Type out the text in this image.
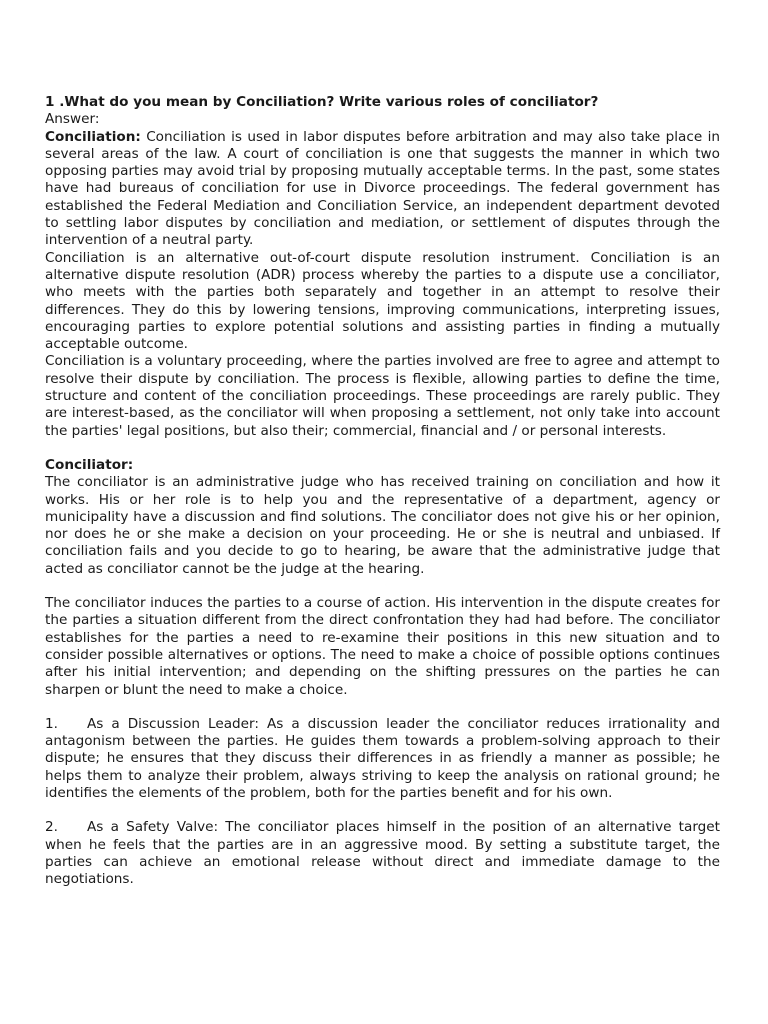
1 .What do you mean by Conciliation? Write various roles of conciliator?

Answer:

Conciliation: Conciliation is used in labor disputes before arbitration and may also take place in several areas of the law. A court of conciliation is one that suggests the manner in which two opposing parties may avoid trial by proposing mutually acceptable terms. In the past, some states have had bureaus of conciliation for use in Divorce proceedings. The federal government has established the Federal Mediation and Conciliation Service, an independent department devoted to settling labor disputes by conciliation and mediation, or settlement of disputes through the intervention of a neutral party.

Conciliation is an alternative out-of-court dispute resolution instrument. Conciliation is an alternative dispute resolution (ADR) process whereby the parties to a dispute use a conciliator, who meets with the parties both separately and together in an attempt to resolve their differences. They do this by lowering tensions, improving communications, interpreting issues, encouraging parties to explore potential solutions and assisting parties in finding a mutually acceptable outcome.

Conciliation is a voluntary proceeding, where the parties involved are free to agree and attempt to resolve their dispute by conciliation. The process is flexible, allowing parties to define the time, structure and content of the conciliation proceedings. These proceedings are rarely public. They are interest-based, as the conciliator will when proposing a settlement, not only take into account the parties' legal positions, but also their; commercial, financial and / or personal interests.

Conciliator:

The conciliator is an administrative judge who has received training on conciliation and how it works. His or her role is to help you and the representative of a department, agency or municipality have a discussion and find solutions. The conciliator does not give his or her opinion, nor does he or she make a decision on your proceeding. He or she is neutral and unbiased. If conciliation fails and you decide to go to hearing, be aware that the administrative judge that acted as conciliator cannot be the judge at the hearing.

The conciliator induces the parties to a course of action. His intervention in the dispute creates for the parties a situation different from the direct confrontation they had had before. The conciliator establishes for the parties a need to re-examine their positions in this new situation and to consider possible alternatives or options. The need to make a choice of possible options continues after his initial intervention; and depending on the shifting pressures on the parties he can sharpen or blunt the need to make a choice.

1. As a Discussion Leader: As a discussion leader the conciliator reduces irrationality and antagonism between the parties. He guides them towards a problem-solving approach to their dispute; he ensures that they discuss their differences in as friendly a manner as possible; he helps them to analyze their problem, always striving to keep the analysis on rational ground; he identifies the elements of the problem, both for the parties benefit and for his own.

2. As a Safety Valve: The conciliator places himself in the position of an alternative target when he feels that the parties are in an aggressive mood. By setting a substitute target, the parties can achieve an emotional release without direct and immediate damage to the negotiations.
